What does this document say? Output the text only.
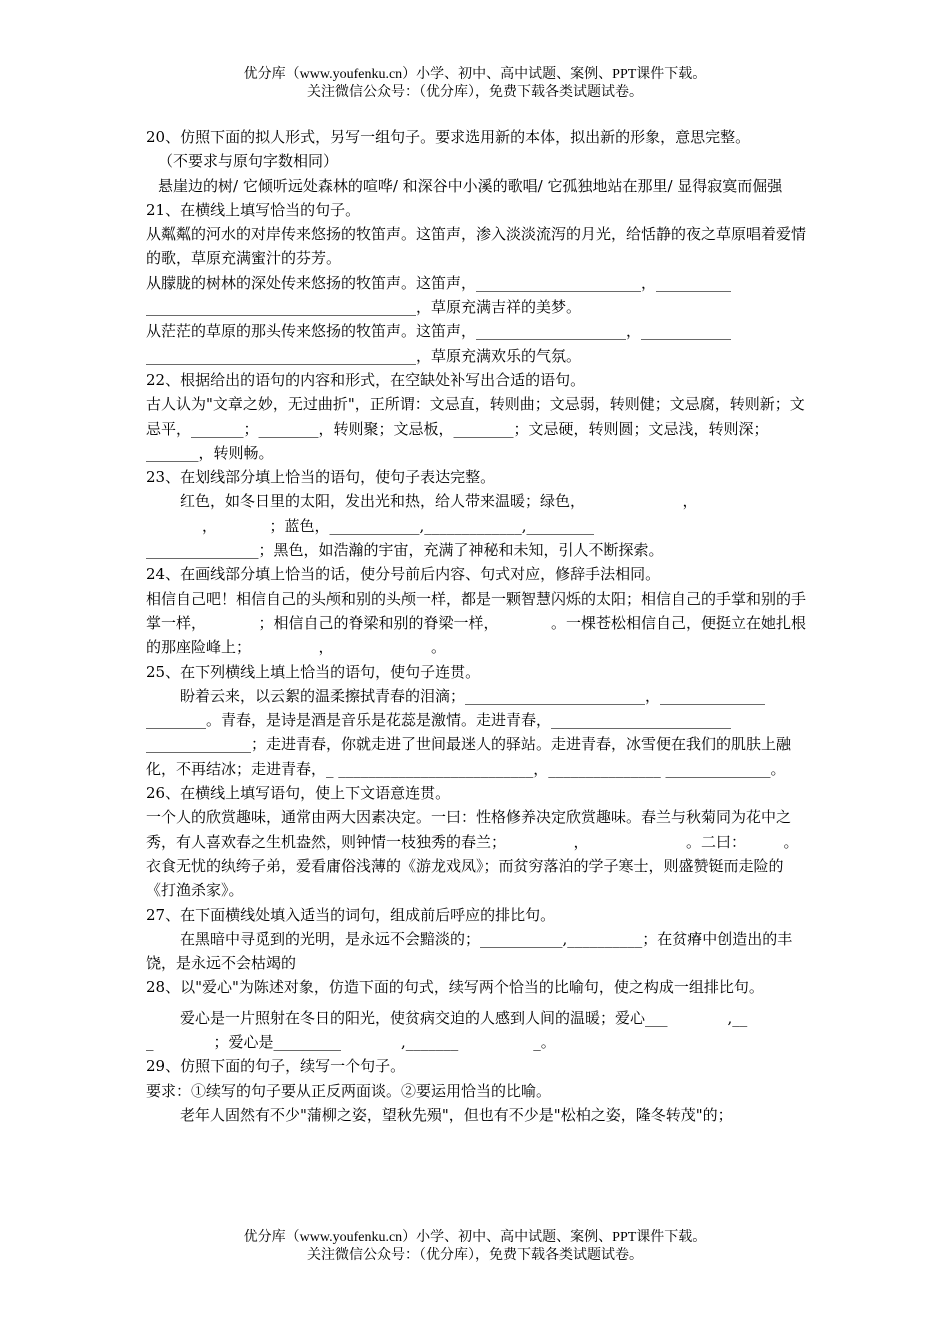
优分库（www.youfenku.cn）小学、初中、高中试题、案例、PPT课件下载。
关注微信公众号：（优分库），免费下载各类试题试卷。

20、仿照下面的拟人形式，另写一组句子。要求选用新的本体，拟出新的形象，意思完整。

（不要求与原句字数相同）

悬崖边的树/ 它倾听远处森林的喧哗/ 和深谷中小溪的歌唱/ 它孤独地站在那里/ 显得寂寞而倔强

21、在横线上填写恰当的句子。

从粼粼的河水的对岸传来悠扬的牧笛声。这笛声，渗入淡淡流泻的月光，给恬静的夜之草原唱着爱情的歌，草原充满蜜汁的芬芳。

从朦胧的树林的深处传来悠扬的牧笛声。这笛声，______________________，__________ ____________________________________，草原充满吉祥的美梦。

从茫茫的草原的那头传来悠扬的牧笛声。这笛声，____________________，____________ ____________________________________，草原充满欢乐的气氛。

22、根据给出的语句的内容和形式，在空缺处补写出合适的语句。

古人认为"文章之妙，无过曲折"，正所谓：文忌直，转则曲；文忌弱，转则健；文忌腐，转则新；文忌平，_______；________，转则聚；文忌板，________；文忌硬，转则圆；文忌浅，转则深；_______，转则畅。

23、在划线部分填上恰当的语句，使句子表达完整。

红色，如冬日里的太阳，发出光和热，给人带来温暖；绿色，　　　　　　　，

，　　　　；蓝色，____________,_____________,_________

_______________；黑色，如浩瀚的宇宙，充满了神秘和未知，引人不断探索。

24、在画线部分填上恰当的话，使分号前后内容、句式对应，修辞手法相同。

相信自己吧！相信自己的头颅和别的头颅一样，都是一颗智慧闪烁的太阳；相信自己的手掌和别的手掌一样，　　　　；相信自己的脊梁和别的脊梁一样，　　　　。一棵苍松相信自己，便挺立在她扎根的那座险峰上；　　　　　，　　　　　　　。

25、在下列横线上填上恰当的语句，使句子连贯。

盼着云来，以云絮的温柔擦拭青春的泪滴；________________________，______________ ________。青春，是诗是酒是音乐是花蕊是激情。走进青春，________________________ ______________；走进青春，你就走进了世间最迷人的驿站。走进青春，冰雪便在我们的肌肤上融化，不再结冰；走进青春，_ __________________________，_______________ ______________。

26、在横线上填写语句，使上下文语意连贯。

一个人的欣赏趣味，通常由两大因素决定。一曰：性格修养决定欣赏趣味。春兰与秋菊同为花中之秀，有人喜欢春之生机盎然，则钟情一枝独秀的春兰；　　　　　，　　　　　　　。二曰：　　　。衣食无忧的纨绔子弟，爱看庸俗浅薄的《游龙戏凤》；而贫穷落泊的学子寒士，则盛赞铤而走险的《打渔杀家》。

27、在下面横线处填入适当的词句，组成前后呼应的排比句。

在黑暗中寻觅到的光明，是永远不会黯淡的；___________,__________；在贫瘠中创造出的丰饶，是永远不会枯竭的

28、以"爱心"为陈述对象，仿造下面的句式，续写两个恰当的比喻句，使之构成一组排比句。

爱心是一片照射在冬日的阳光，使贫病交迫的人感到人间的温暖；爱心___　　　　,__

_　　　　；爱心是_________　　　　,_______　　　　　_。

29、仿照下面的句子，续写一个句子。

要求：①续写的句子要从正反两面谈。②要运用恰当的比喻。

老年人固然有不少"蒲柳之姿，望秋先殒"，但也有不少是"松柏之姿，隆冬转茂"的；

优分库（www.youfenku.cn）小学、初中、高中试题、案例、PPT课件下载。
关注微信公众号：（优分库），免费下载各类试题试卷。
